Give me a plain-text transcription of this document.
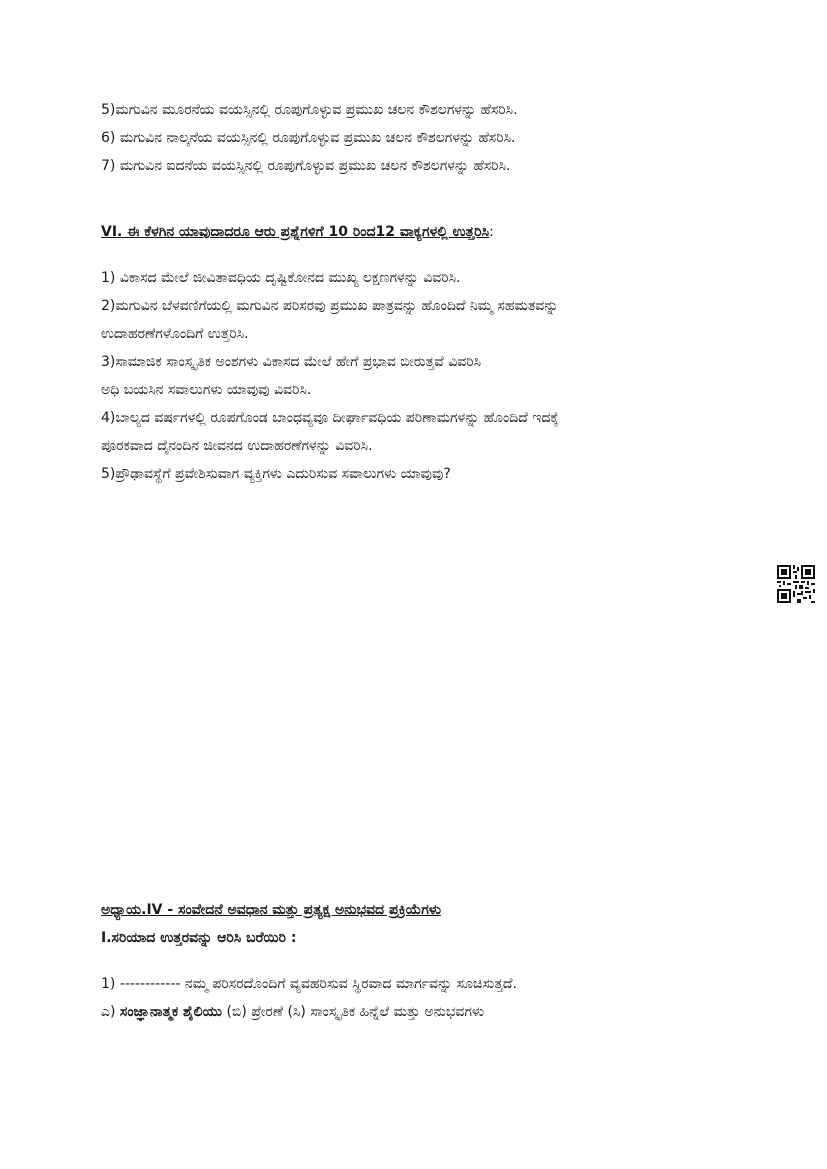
5)ಮಗುವಿನ ಮೂರನೆಯ ವಯಸ್ಸಿನಲ್ಲಿ ರೂಪುಗೊಳ್ಳುವ ಪ್ರಮುಖ ಚಲನ ಕೌಶಲಗಳನ್ನು ಹೆಸರಿಸಿ.
6) ಮಗುವಿನ ನಾಲ್ಕನೆಯ ವಯಸ್ಸಿನಲ್ಲಿ ರೂಪುಗೊಳ್ಳುವ ಪ್ರಮುಖ ಚಲನ ಕೌಶಲಗಳನ್ನು ಹೆಸರಿಸಿ.
7) ಮಗುವಿನ ಐದನೆಯ ವಯಸ್ಸಿನಲ್ಲಿ ರೂಪುಗೊಳ್ಳುವ ಪ್ರಮುಖ ಚಲನ ಕೌಶಲಗಳನ್ನು ಹೆಸರಿಸಿ.
VI. ಈ ಕೆಳಗಿನ ಯಾವುದಾದರೂ ಆರು ಪ್ರಶ್ನೆಗಳಿಗೆ 10 ರಿಂದ12 ವಾಕ್ಯಗಳಲ್ಲಿ ಉತ್ತರಿಸಿ:
1) ವಿಕಾಸದ ಮೇಲೆ ಜೀವಿತಾವಧಿಯ ದೃಷ್ಟಿಕೋನದ ಮುಖ್ಯ ಲಕ್ಷಣಗಳನ್ನು ವಿವರಿಸಿ.
2)ಮಗುವಿನ ಬೆಳವಣಿಗೆಯಲ್ಲಿ ಮಗುವಿನ ಪರಿಸರವು ಪ್ರಮುಖ ಪಾತ್ರವನ್ನು ಹೊಂದಿದೆ ನಿಮ್ಮ ಸಹಮತವನ್ನು
ಉದಾಹರಣೆಗಳೊಂದಿಗೆ ಉತ್ತರಿಸಿ.
3)ಸಾಮಾಜಿಕ ಸಾಂಸ್ಕೃತಿಕ ಅಂಶಗಳು ವಿಕಾಸದ ಮೇಲೆ ಹೇಗೆ ಪ್ರಭಾವ ಬೀರುತ್ತವೆ ವಿವರಿಸಿ
ಅಧಿ ಬಯಸಿನ ಸವಾಲುಗಳು ಯಾವುವು ವಿವರಿಸಿ.
4)ಬಾಲ್ಯದ ವರ್ಷಗಳಲ್ಲಿ ರೂಪಗೊಂಡ ಬಾಂಧವ್ಯವೂ ದೀರ್ಘಾವಧಿಯ ಪರಿಣಾಮಗಳನ್ನು ಹೊಂದಿದೆ ಇದಕ್ಕೆ
ಪೂರಕವಾದ ದೈನಂದಿನ ಜೀವನದ ಉದಾಹರಣೆಗಳನ್ನು ವಿವರಿಸಿ.
5)ಪ್ರೌಢಾವಸ್ಥೆಗೆ ಪ್ರವೇಶಿಸುವಾಗ ವ್ಯಕ್ತಿಗಳು ಎದುರಿಸುವ ಸವಾಲುಗಳು ಯಾವುವು?
ಅಧ್ಯಾಯ.IV - ಸಂವೇದನೆ ಅವಧಾನ ಮತ್ತು ಪ್ರತ್ಯಕ್ಷ ಅನುಭವದ ಪ್ರಕ್ರಿಯೆಗಳು
I.ಸರಿಯಾದ ಉತ್ತರವನ್ನು ಆರಿಸಿ ಬರೆಯಿರಿ :
1) ------------ ನಮ್ಮ ಪರಿಸರದೊಂದಿಗೆ ವ್ಯವಹರಿಸುವ ಸ್ಥಿರವಾದ ಮಾರ್ಗವನ್ನು ಸೂಚಿಸುತ್ತದೆ.
ಎ) ಸಂಜ್ಞಾನಾತ್ಮಕ ಶೈಲಿಯು (ಬಿ) ಪ್ರೇರಣೆ (ಸಿ) ಸಾಂಸ್ಕೃತಿಕ ಹಿನ್ನೆಲೆ ಮತ್ತು ಅನುಭವಗಳು
